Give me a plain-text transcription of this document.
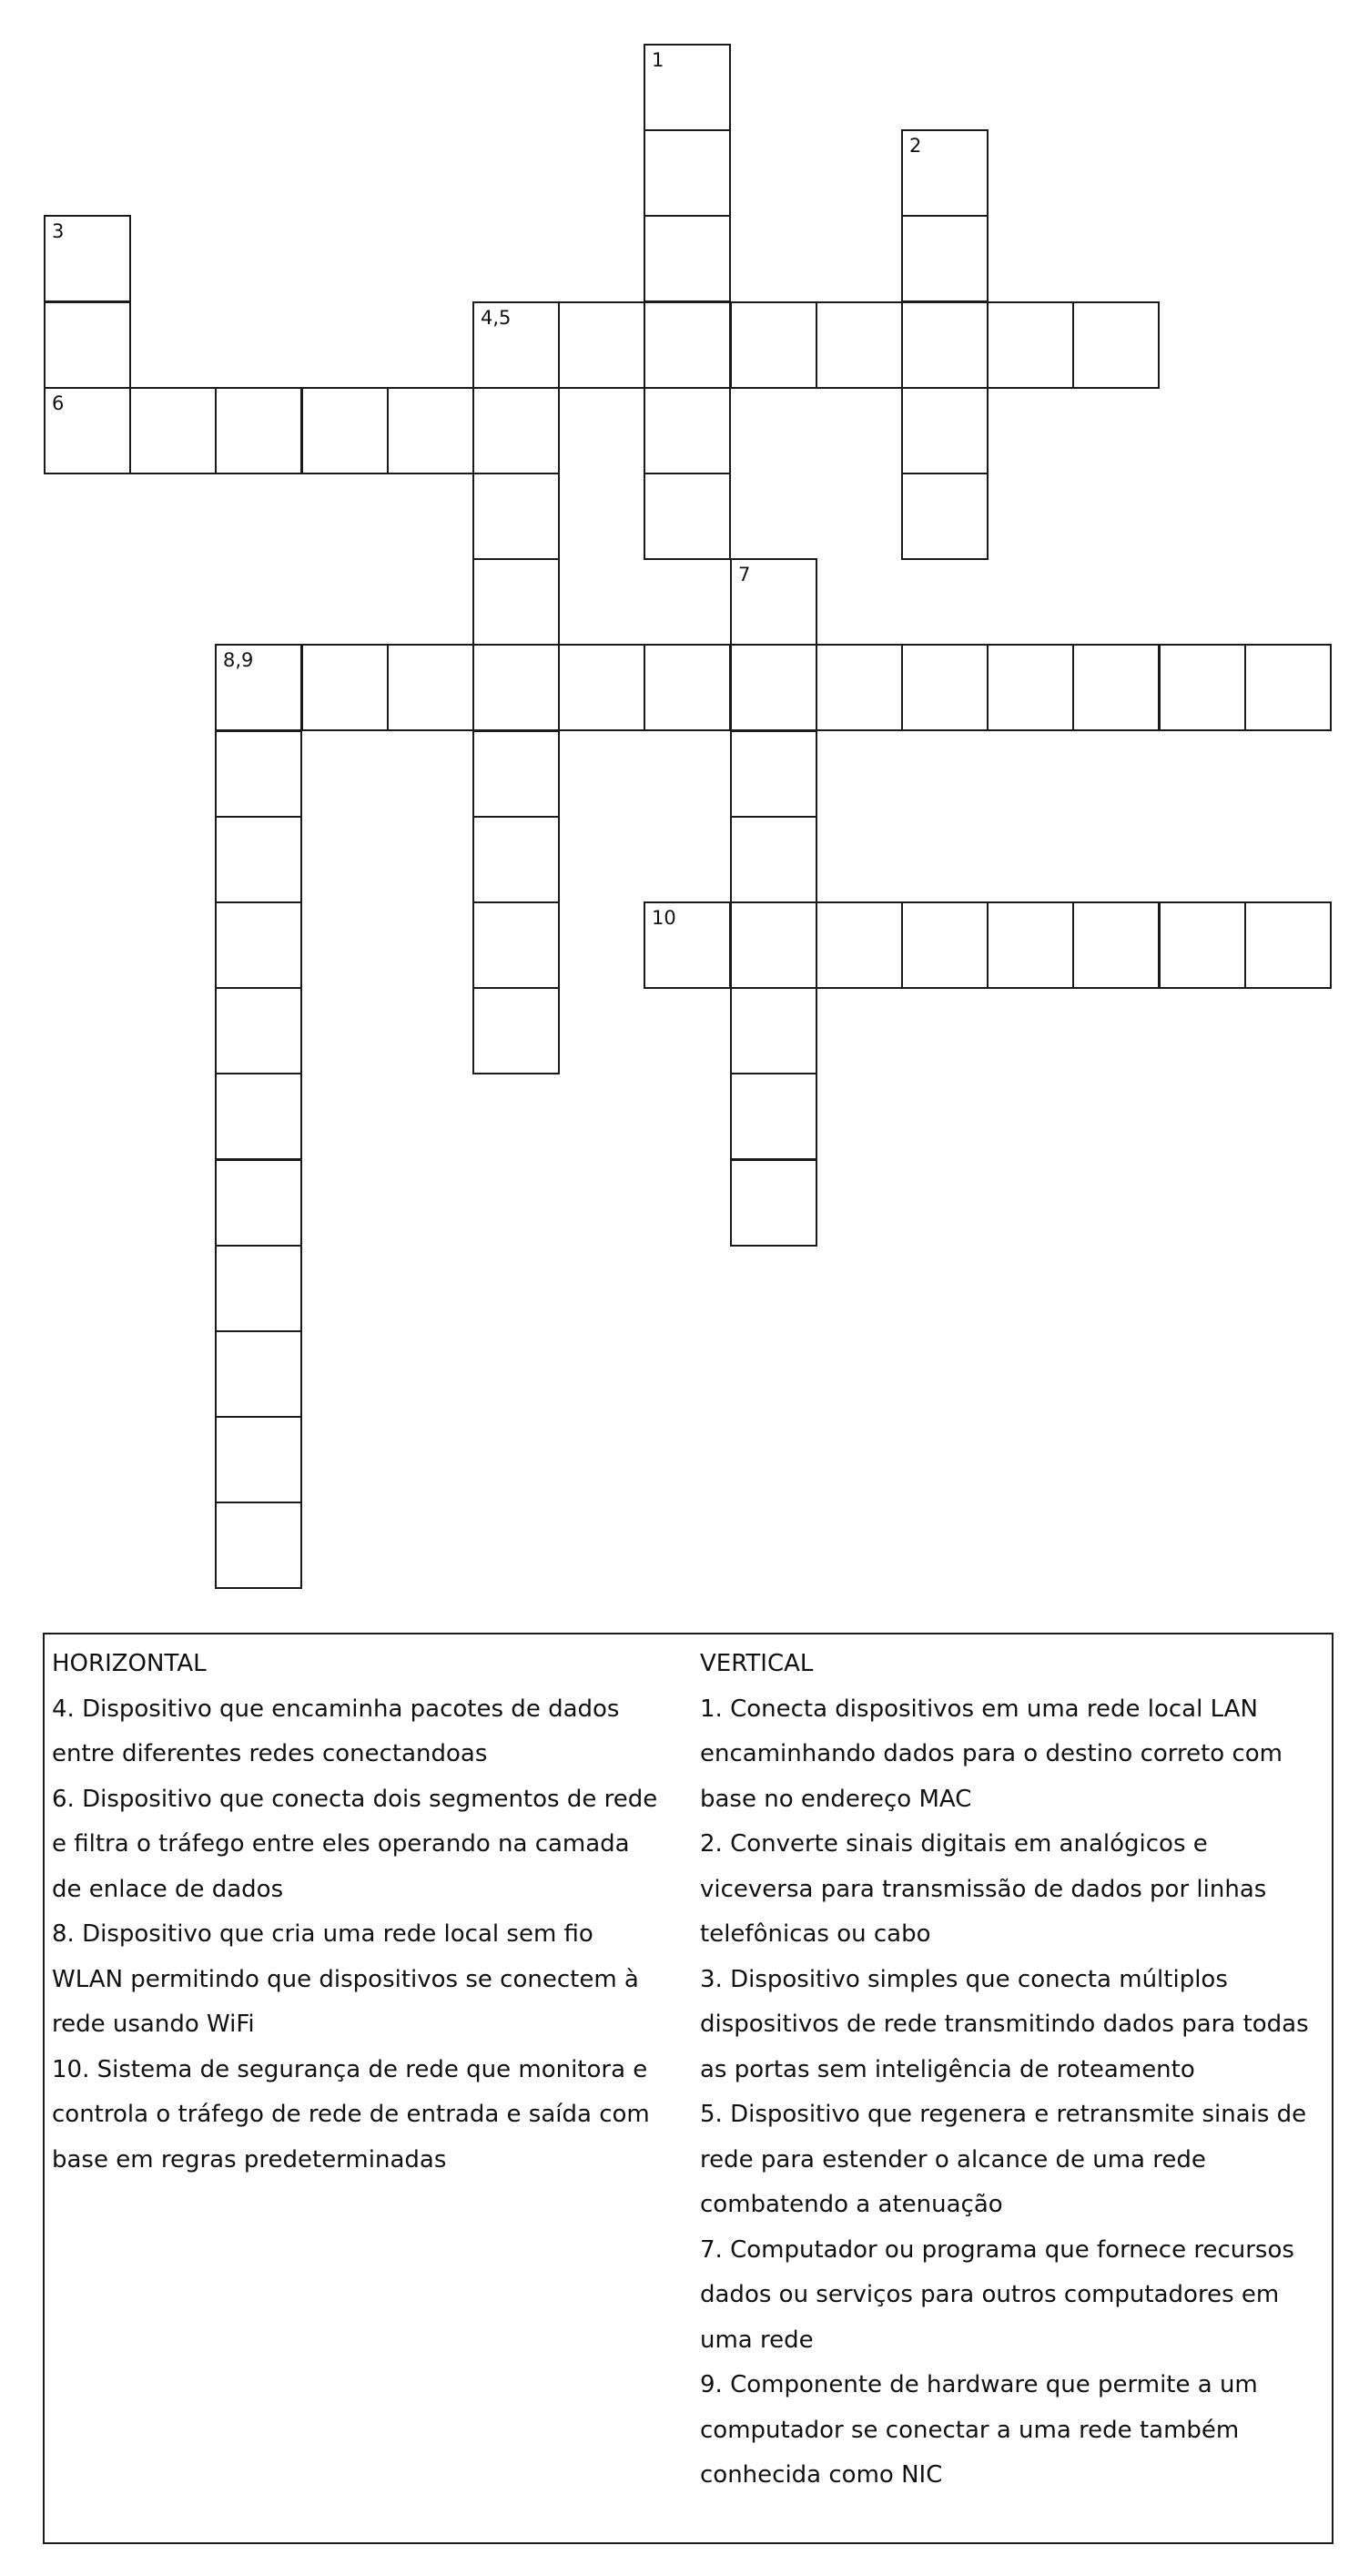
1
2
3
6
4,5
7
8,9
10
HORIZONTAL
4. Dispositivo que encaminha pacotes de dados
entre diferentes redes conectandoas
6. Dispositivo que conecta dois segmentos de rede
e filtra o tráfego entre eles operando na camada
de enlace de dados
8. Dispositivo que cria uma rede local sem fio
WLAN permitindo que dispositivos se conectem à
rede usando WiFi
10. Sistema de segurança de rede que monitora e
controla o tráfego de rede de entrada e saída com
base em regras predeterminadas
VERTICAL
1. Conecta dispositivos em uma rede local LAN
encaminhando dados para o destino correto com
base no endereço MAC
2. Converte sinais digitais em analógicos e
viceversa para transmissão de dados por linhas
telefônicas ou cabo
3. Dispositivo simples que conecta múltiplos
dispositivos de rede transmitindo dados para todas
as portas sem inteligência de roteamento
5. Dispositivo que regenera e retransmite sinais de
rede para estender o alcance de uma rede
combatendo a atenuação
7. Computador ou programa que fornece recursos
dados ou serviços para outros computadores em
uma rede
9. Componente de hardware que permite a um
computador se conectar a uma rede também
conhecida como NIC
